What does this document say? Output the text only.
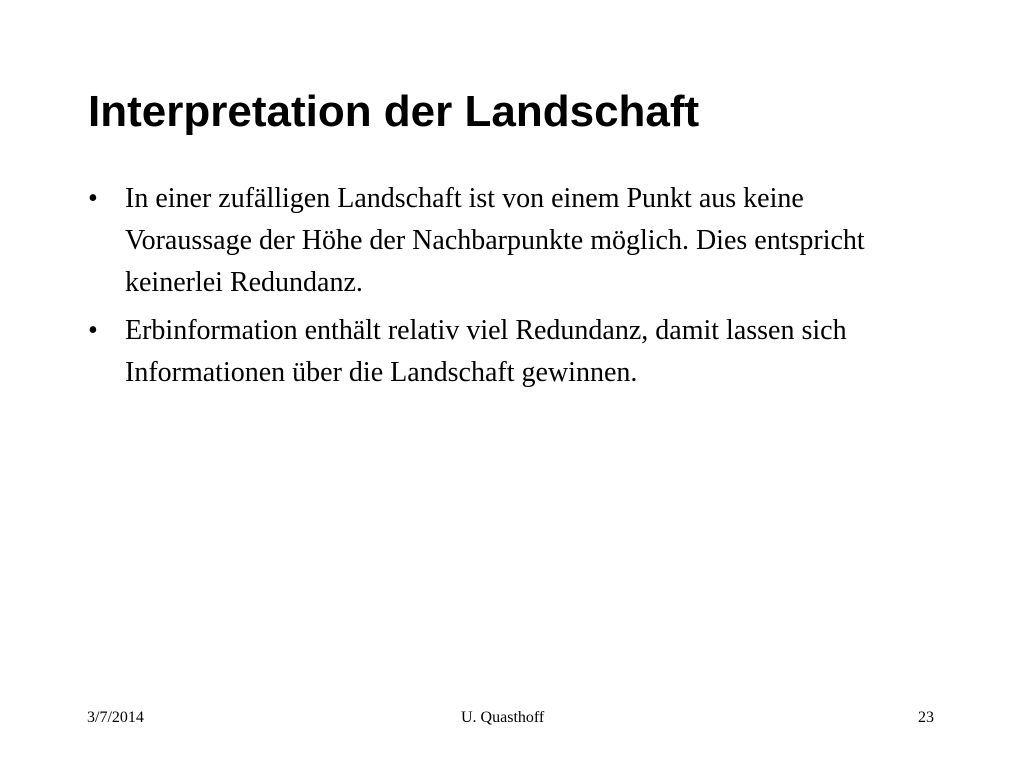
Interpretation der Landschaft
• In einer zufälligen Landschaft ist von einem Punkt aus keine Voraussage der Höhe der Nachbarpunkte möglich. Dies entspricht keinerlei Redundanz.
• Erbinformation enthält relativ viel Redundanz, damit lassen sich Informationen über die Landschaft gewinnen.
3/7/2014	U. Quasthoff	23
